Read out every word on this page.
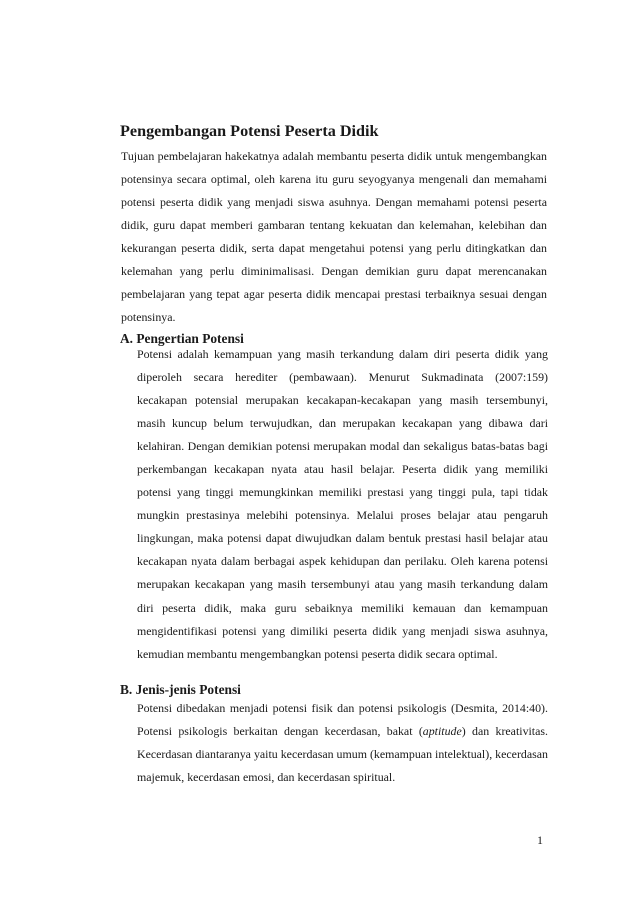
Pengembangan Potensi Peserta Didik

Tujuan pembelajaran hakekatnya adalah membantu peserta didik untuk mengembangkan potensinya secara optimal, oleh karena itu guru seyogyanya mengenali dan memahami potensi peserta didik yang menjadi siswa asuhnya. Dengan memahami potensi peserta didik, guru dapat memberi gambaran tentang kekuatan dan kelemahan, kelebihan dan kekurangan peserta didik, serta dapat mengetahui potensi yang perlu ditingkatkan dan kelemahan yang perlu diminimalisasi. Dengan demikian guru dapat merencanakan pembelajaran yang tepat agar peserta didik mencapai prestasi terbaiknya sesuai dengan potensinya.

A. Pengertian Potensi

Potensi adalah kemampuan yang masih terkandung dalam diri peserta didik yang diperoleh secara herediter (pembawaan). Menurut Sukmadinata (2007:159) kecakapan potensial merupakan kecakapan-kecakapan yang masih tersembunyi, masih kuncup belum terwujudkan, dan merupakan kecakapan yang dibawa dari kelahiran. Dengan demikian potensi merupakan modal dan sekaligus batas-batas bagi perkembangan kecakapan nyata atau hasil belajar. Peserta didik yang memiliki potensi yang tinggi memungkinkan memiliki prestasi yang tinggi pula, tapi tidak mungkin prestasinya melebihi potensinya. Melalui proses belajar atau pengaruh lingkungan, maka potensi dapat diwujudkan dalam bentuk prestasi hasil belajar atau kecakapan nyata dalam berbagai aspek kehidupan dan perilaku. Oleh karena potensi merupakan kecakapan yang masih tersembunyi atau yang masih terkandung dalam diri peserta didik, maka guru sebaiknya memiliki kemauan dan kemampuan mengidentifikasi potensi yang dimiliki peserta didik yang menjadi siswa asuhnya, kemudian membantu mengembangkan potensi peserta didik secara optimal.

B. Jenis-jenis Potensi

Potensi dibedakan menjadi potensi fisik dan potensi psikologis (Desmita, 2014:40). Potensi psikologis berkaitan dengan kecerdasan, bakat (aptitude) dan kreativitas. Kecerdasan diantaranya yaitu kecerdasan umum (kemampuan intelektual), kecerdasan majemuk, kecerdasan emosi, dan kecerdasan spiritual.

1
